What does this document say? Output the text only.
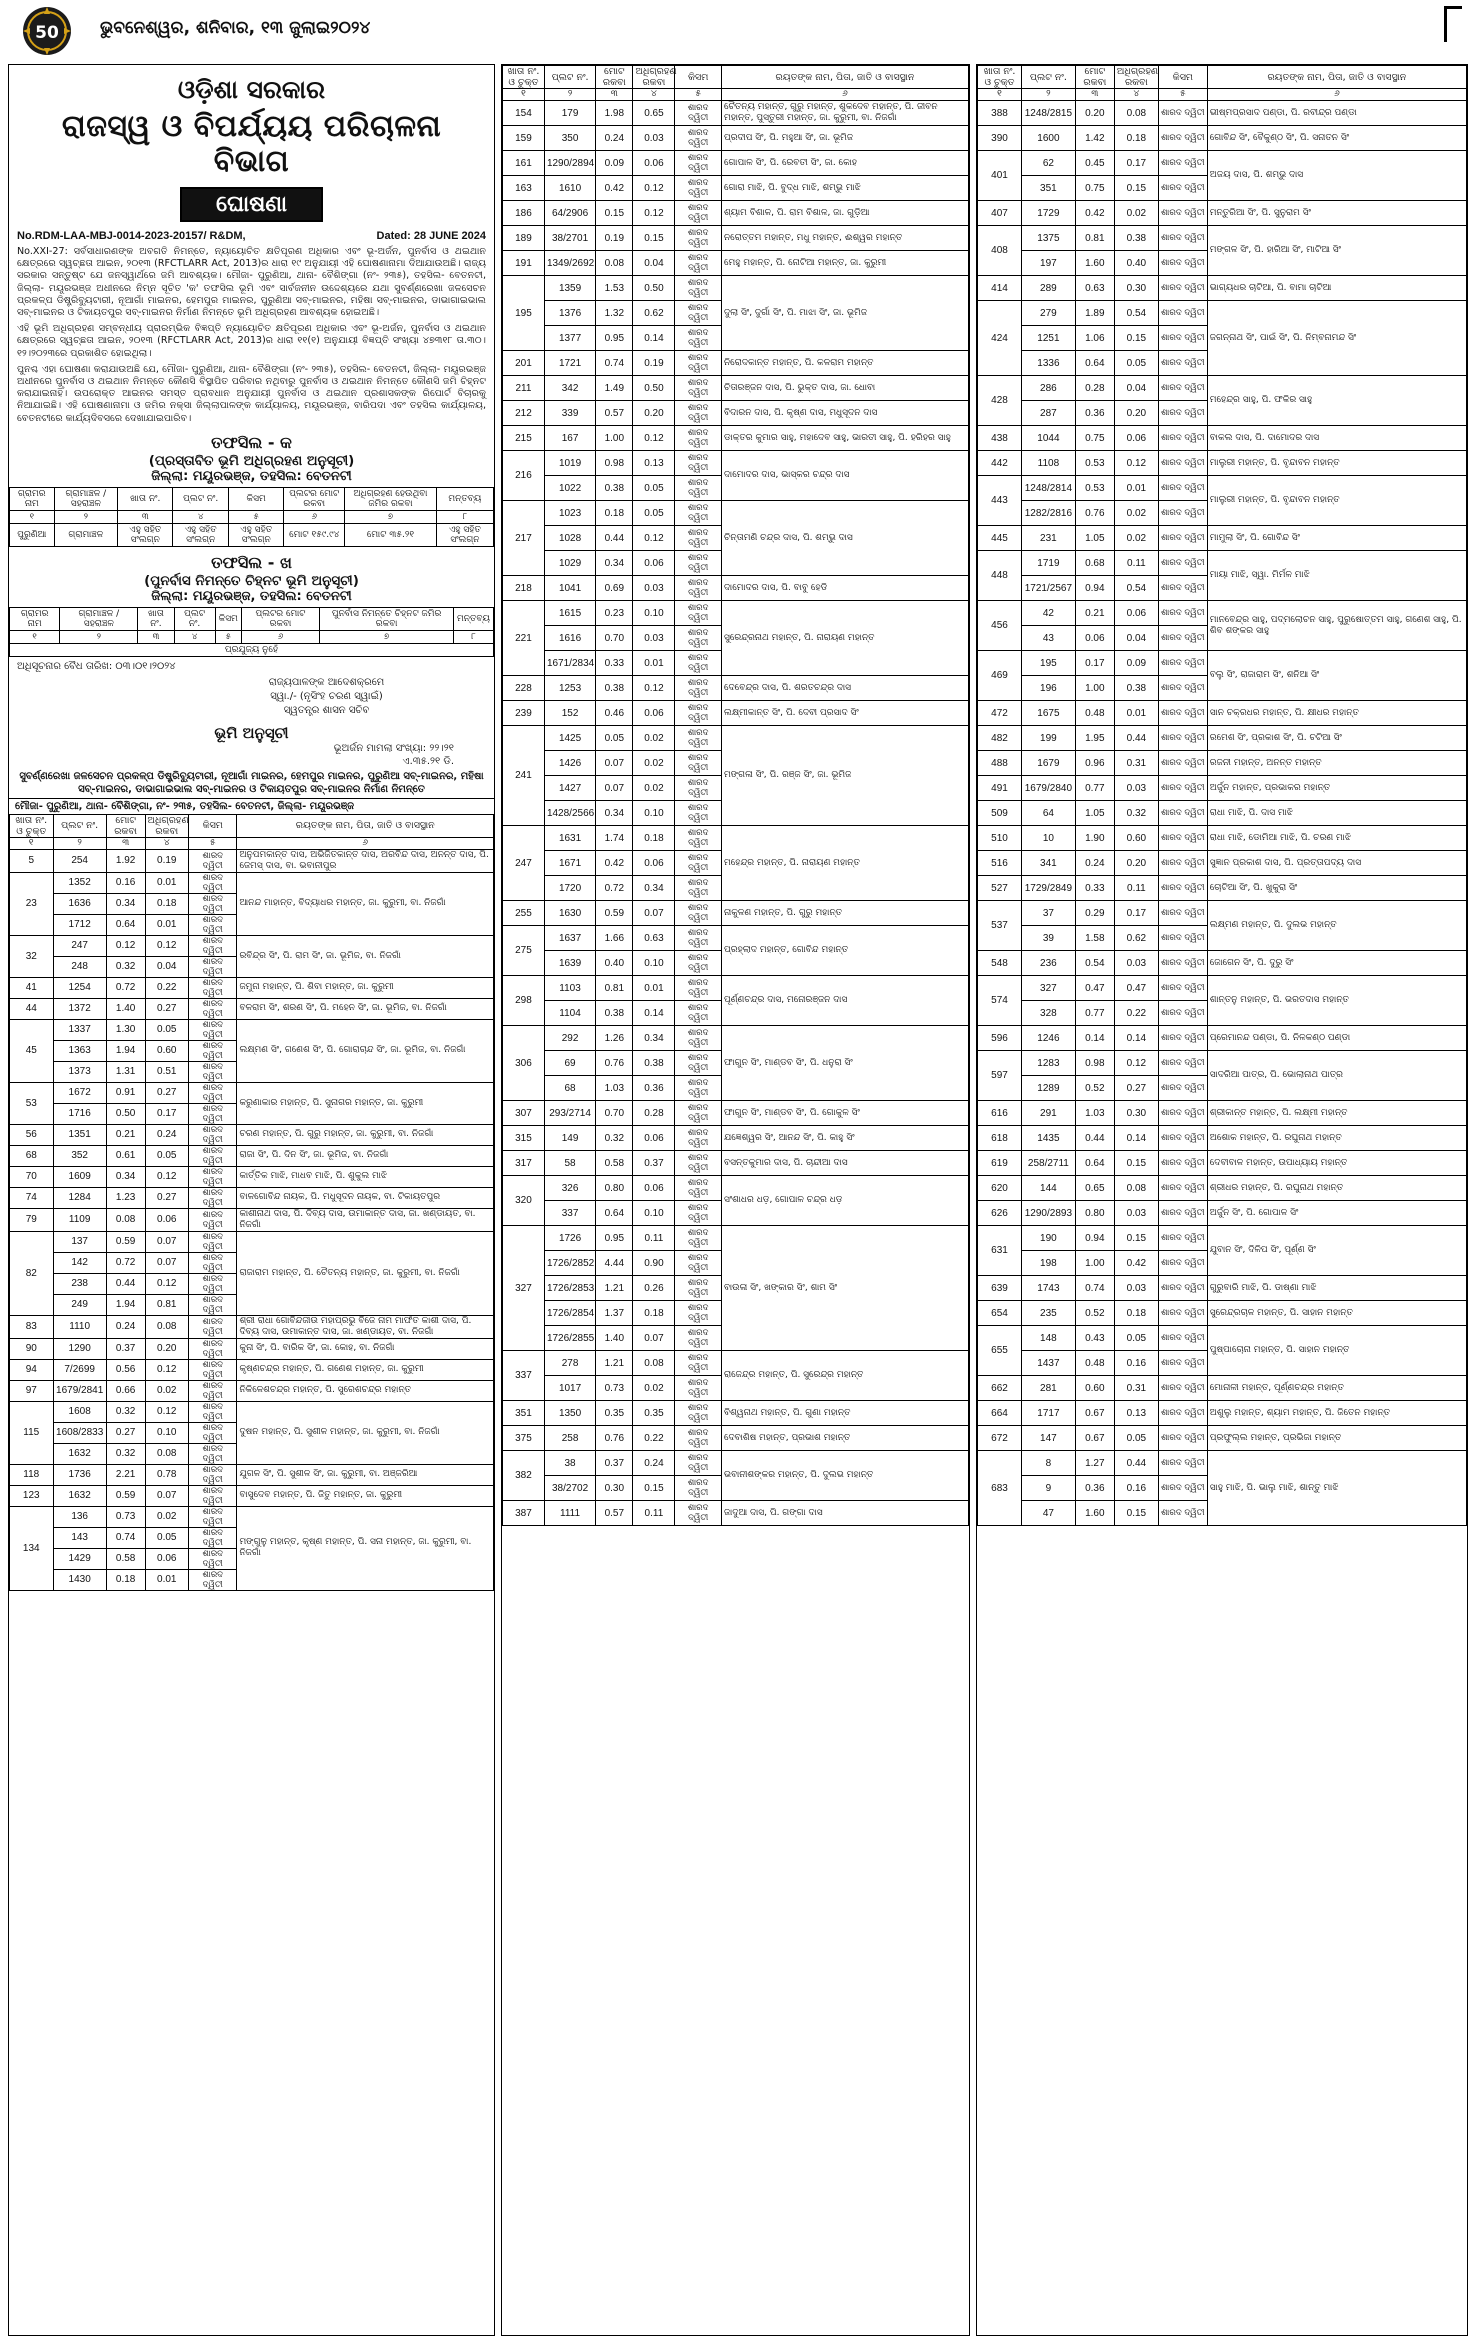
50 ଭୁବନେଶ୍ୱର, ଶନିବାର, ୧୩ ଜୁଲାଇ୨୦୨୪
ଓଡ଼ିଶା ସରକାର
ରାଜସ୍ୱ ଓ ବିପର୍ଯ୍ୟୟ ପରିଚାଳନା ବିଭାଗ
ଘୋଷଣା
No.RDM-LAA-MBJ-0014-2023-20157/ R&DM,	Dated: 28 JUNE 2024

No.XXI-27: ସର୍ବସାଧାରଣଙ୍କ ଅବଗତି ନିମନ୍ତେ, ନ୍ୟାୟୋଚିତ କ୍ଷତିପୂରଣ ଅଧିକାର ଏବଂ ଭୂ-ଅର୍ଜନ, ପୁନର୍ବାସ ଓ ଥଇଥାନ କ୍ଷେତ୍ରରେ ସ୍ୱଚ୍ଛତା ଆଇନ, ୨୦୧୩ (RFCTLARR Act, 2013)ର ଧାରା ୧୯ ଅନୁଯାୟୀ ଏହି ଘୋଷଣାନାମା ଦିଆଯାଉଅଛି। ରାଜ୍ୟ ସରକାର ସନ୍ତୁଷ୍ଟ ଯେ ଜନସ୍ୱାର୍ଥରେ ଜମି ଆବଶ୍ୟକ। ମୌଜା- ପୁରୁଣିଆ, ଥାନା- ବୈଶିଙ୍ଗା (ନଂ- ୨୩୫), ତହସିଲ- ବେତନଟୀ, ଜିଲ୍ଲା- ମୟୂରଭଞ୍ଜ ଅଧୀନରେ ନିମ୍ନ ସୂଚିତ 'କ' ତଫସିଲ ଭୂମି ଏବଂ ସାର୍ବଜନୀନ ଉଦ୍ଦେଶ୍ୟରେ ଯଥା ସୁବର୍ଣ୍ଣରେଖା ଜଳସେଚନ ପ୍ରକଳ୍ପ ଡିଷ୍ଟ୍ରିବ୍ୟୁଟାରୀ, ନୂଆଗାଁ ମାଇନର, ହେମପୁର ମାଇନର, ପୁରୁଣିଆ ସବ୍-ମାଇନର, ମହିଷା ସବ୍-ମାଇନର, ଡାଭାଗାଇଭାଲ ସବ୍-ମାଇନର ଓ ଟିକାୟତପୁର ସବ୍-ମାଇନର ନିର୍ମାଣ ନିମନ୍ତେ ଭୂମି ଅଧିଗ୍ରହଣ ଆବଶ୍ୟକ ହୋଇଅଛି।

ଏହି ଭୂମି ଅଧିଗ୍ରହଣ ସମ୍ବନ୍ଧୀୟ ପ୍ରାରମ୍ଭିକ ବିଜ୍ଞପ୍ତି ନ୍ୟାୟୋଚିତ କ୍ଷତିପୂରଣ ଅଧିକାର ଏବଂ ଭୂ-ଅର୍ଜନ, ପୁନର୍ବାସ ଓ ଥଇଥାନ କ୍ଷେତ୍ରରେ ସ୍ୱଚ୍ଛତା ଆଇନ, ୨୦୧୩ (RFCTLARR Act, 2013)ର ଧାରା ୧୧(୧) ଅନୁଯାୟୀ ବିଜ୍ଞପ୍ତି ସଂଖ୍ୟା ୪୭୩୧୮ ତା.୩୦।୧୨।୨୦୨୩ରେ ପ୍ରକାଶିତ ହୋଇଥିଲା।

ପୁନଶ୍ଚ ଏହା ଘୋଷଣା କରାଯାଉଅଛି ଯେ, ମୌଜା- ପୁରୁଣିଆ, ଥାନା- ବୈଶିଙ୍ଗା (ନଂ- ୨୩୫), ତହସିଲ- ବେତନଟୀ, ଜିଲ୍ଲା- ମୟୂରଭଞ୍ଜ ଅଧୀନରେ ପୁନର୍ବାସ ଓ ଥଇଥାନ ନିମନ୍ତେ କୌଣସି ବିସ୍ଥାପିତ ପରିବାର ନଥିବାରୁ ପୁନର୍ବାସ ଓ ଥଇଥାନ ନିମନ୍ତେ କୌଣସି ଜମି ଚିହ୍ନଟ କରାଯାଇନାହିଁ। ଉପରୋକ୍ତ ଆଇନର ସମସ୍ତ ପ୍ରାବଧାନ ଅନୁଯାୟୀ ପୁନର୍ବାସ ଓ ଥଇଥାନ ପ୍ରଶାସକଙ୍କ ରିପୋର୍ଟ ବିଚାରକୁ ନିଆଯାଇଛି। ଏହି ଘୋଷଣାନାମା ଓ ଜମିର ନକ୍ସା ଜିଲ୍ଲାପାଳଙ୍କ କାର୍ଯ୍ୟାଳୟ, ମୟୂରଭଞ୍ଜ, ବାରିପଦା ଏବଂ ତହସିଲ କାର୍ଯ୍ୟାଳୟ, ବେତନଟୀରେ କାର୍ଯ୍ୟଦିବସରେ ଦେଖାଯାଇପାରିବ।

ତଫସିଲ - କ
(ପ୍ରସ୍ତାବିତ ଭୂମି ଅଧିଗ୍ରହଣ ଅନୁସୂଚୀ)
ଜିଲ୍ଲା: ମୟୂରଭଞ୍ଜ, ତହସିଲ: ବେତନଟୀ
ଗ୍ରାମର ନାମ	ଗ୍ରାମାଞ୍ଚଳ / ସହରାଞ୍ଚଳ	ଖାତା ନଂ.	ପ୍ଲଟ ନଂ.	କିସମ	ପ୍ଲଟର ମୋଟ ରକବା	ଅଧିଗ୍ରହଣ ହେଉଥିବା ଜମିର ରକବା	ମନ୍ତବ୍ୟ
୧	୨	୩	୪	୫	୬	୭	୮
ପୁରୁଣିଆ	ଗ୍ରାମାଞ୍ଚଳ	ଏହୁ ସହିତ ସଂଲଗ୍ନ	ଏହୁ ସହିତ ସଂଲଗ୍ନ	ଏହୁ ସହିତ ସଂଲଗ୍ନ	ମୋଟ ୧୫୯.୯୪	ମୋଟ ୩୫.୨୧	ଏହୁ ସହିତ ସଂଲଗ୍ନ
ତଫସିଲ - ଖ
(ପୁନର୍ବାସ ନିମନ୍ତେ ଚିହ୍ନଟ ଭୂମି ଅନୁସୂଚୀ)
ଜିଲ୍ଲା: ମୟୂରଭଞ୍ଜ, ତହସିଲ: ବେତନଟୀ
ଗ୍ରାମର ନାମ	ଗ୍ରାମାଞ୍ଚଳ / ସହରାଞ୍ଚଳ	ଖାତା ନଂ.	ପ୍ଲଟ ନଂ.	କିସମ	ପ୍ଲଟର ମୋଟ ରକବା	ପୁନର୍ବାସ ନିମନ୍ତେ ଚିହ୍ନଟ ଜମିର ରକବା	ମନ୍ତବ୍ୟ
୧	୨	୩	୪	୫	୬	୭	୮
ପ୍ରଯୁଜ୍ୟ ନୁହେଁ							
ଅଧିସୂଚନାର ବୈଧ ତାରିଖ: ୦୩।୦୧।୨୦୨୪
ରାଜ୍ୟପାଳଙ୍କ ଆଦେଶକ୍ରମେ
ସ୍ୱା./- (ନୃସିଂହ ଚରଣ ସ୍ୱାଇଁ)
ସ୍ୱତନ୍ତ୍ର ଶାସନ ସଚିବ
ଭୂମି ଅନୁସୂଚୀ
ଭୂଅର୍ଜନ ମାମଲା ସଂଖ୍ୟା: ୨୨।୨୧
ଏ.୩୫.୨୧ ଡି.
ସୁବର୍ଣ୍ଣରେଖା ଜଳସେଚନ ପ୍ରକଳ୍ପ ଡିଷ୍ଟ୍ରିବ୍ୟୁଟାରୀ, ନୂଆଗାଁ ମାଇନର, ହେମପୁର ମାଇନର, ପୁରୁଣିଆ ସବ୍-ମାଇନର, ମହିଷା ସବ୍-ମାଇନର, ଡାଭାଗାଇଭାଲ ସବ୍-ମାଇନର ଓ ଟିକାୟତପୁର ସବ୍-ମାଇନର ନିର୍ମାଣ ନିମନ୍ତେ
ମୌଜା- ପୁରୁଣିଆ, ଥାନା- ବୈଶିଙ୍ଗା, ନଂ- ୨୩୫, ତହସିଲ- ବେତନଟୀ, ଜିଲ୍ଲା- ମୟୂରଭଞ୍ଜ
ଖାତା ନଂ. ଓ ଚୁକ୍ତ	ପ୍ଲଟ ନଂ.	ମୋଟ ରକବା	ଅଧିଗ୍ରହଣ ରକବା	କିସମ	ରୟତଙ୍କ ନାମ, ପିତା, ଜାତି ଓ ବାସସ୍ଥାନ
୧	୨	୩	୪	୫	୬
5	254	1.92	0.19	ଶାରଦ ଦ୍ୱିତୀ	ଅନୁପମକାନ୍ତ ଦାସ, ଅଭିଜିତକାନ୍ତ ଦାସ, ଅରବିନ୍ଦ ଦାସ, ଅନନ୍ତ ଦାସ, ପି. ଜେମସ୍ ଦାସ, ବା. ଭବାନୀପୁର
23	1352	0.16	0.01	ଶାରଦ ଦ୍ୱିତୀ	ଆନନ୍ଦ ମାହାନ୍ତ, ବିଦ୍ୟାଧର ମହାନ୍ତ, ଜା. କୁରୁମୀ, ବା. ନିଜଗାଁ
	1636	0.34	0.18	ଶାରଦ ଦ୍ୱିତୀ	
	1712	0.64	0.01	ଶାରଦ ଦ୍ୱିତୀ	
32	247	0.12	0.12	ଶାରଦ ଦ୍ୱିତୀ	ରବିନ୍ଦ୍ର ସିଂ, ପି. ରାମ ସିଂ, ଜା. ଭୂମିଜ, ବା. ନିଜଗାଁ
	248	0.32	0.04	ଶାରଦ ଦ୍ୱିତୀ	
41	1254	0.72	0.22	ଶାରଦ ଦ୍ୱିତୀ	ଜମୁନା ମହାନ୍ତ, ପି. ଶିବା ମହାନ୍ତ, ଜା. କୁରୁମୀ
44	1372	1.40	0.27	ଶାରଦ ଦ୍ୱିତୀ	ବଳରାମ ସିଂ, ଶରଣ ସିଂ, ପି. ମହେନ ସିଂ, ଜା. ଭୂମିଜ, ବା. ନିଜଗାଁ
45	1337	1.30	0.05	ଶାରଦ ଦ୍ୱିତୀ	ଲକ୍ଷ୍ମଣ ସିଂ, ଗଣେଶ ସିଂ, ପି. ଗୋରାଚାନ୍ଦ ସିଂ, ଜା. ଭୂମିଜ, ବା. ନିଜଗାଁ
	1363	1.94	0.60	ଶାରଦ ଦ୍ୱିତୀ	
	1373	1.31	0.51	ଶାରଦ ଦ୍ୱିତୀ	
53	1672	0.91	0.27	ଶାରଦ ଦ୍ୱିତୀ	କରୁଣାକାର ମହାନ୍ତ, ପି. ସୁନାଗର ମହାନ୍ତ, ଜା. କୁରୁମୀ
	1716	0.50	0.17	ଶାରଦ ଦ୍ୱିତୀ	
56	1351	0.21	0.24	ଶାରଦ ଦ୍ୱିତୀ	ଚରଣ ମହାନ୍ତ, ପି. ଗୁରୁ ମହାନ୍ତ, ଜା. କୁରୁମୀ, ବା. ନିଜଗାଁ
68	352	0.61	0.05	ଶାରଦ ଦ୍ୱିତୀ	ରାଜା ସିଂ, ପି. ଦିନ ସିଂ, ଜା. ଭୂମିଜ, ବା. ନିଜଗାଁ
70	1609	0.34	0.12	ଶାରଦ ଦ୍ୱିତୀ	କାର୍ତ୍ତିକ ମାଝି, ମାଧବ ମାଝି, ପି. ଶୁକୁଲ ମାଝି
74	1284	1.23	0.27	ଶାରଦ ଦ୍ୱିତୀ	ବାଳଗୋବିନ୍ଦ ନାୟକ, ପି. ମଧୁସୂଦନ ନାୟକ, ବା. ଟିକାୟତପୁର
79	1109	0.08	0.06	ଶାରଦ ଦ୍ୱିତୀ	କାଶୀନାଥ ଦାସ, ପି. ଦିବ୍ୟ ଦାସ, ଉମାକାନ୍ତ ଦାସ, ଜା. ଖଣ୍ଡାୟତ, ବା. ନିଜଗାଁ
82	137	0.59	0.07	ଶାରଦ ଦ୍ୱିତୀ	ରାଜାରାମ ମହାନ୍ତ, ପି. ଚୈତନ୍ୟ ମହାନ୍ତ, ଜା. କୁରୁମୀ, ବା. ନିଜଗାଁ
	142	0.72	0.07	ଶାରଦ ଦ୍ୱିତୀ	
	238	0.44	0.12	ଶାରଦ ଦ୍ୱିତୀ	
	249	1.94	0.81	ଶାରଦ ଦ୍ୱିତୀ	
83	1110	0.24	0.08	ଶାରଦ ଦ୍ୱିତୀ	ଶ୍ରୀ ରାଧା ଗୋବିନ୍ଦଜୀଉ ମହାପ୍ରଭୁ ବିଜେ ନାମ ମାର୍ଫତ କାଶୀ ଦାସ, ପି. ଦିବ୍ୟ ଦାସ, ଉମାକାନ୍ତ ଦାସ, ଜା. ଖଣ୍ଡାୟତ, ବା. ନିଜଗାଁ
90	1290	0.37	0.20	ଶାରଦ ଦ୍ୱିତୀ	କୁନା ସିଂ, ପି. ବାରିକ ସିଂ, ଜା. କୋହ, ବା. ନିଜଗାଁ
94	7/2699	0.56	0.12	ଶାରଦ ଦ୍ୱିତୀ	କୃଷ୍ଣଚନ୍ଦ୍ର ମହାନ୍ତ, ପି. ଗଣେଶ ମହାନ୍ତ, ଜା. କୁରୁମୀ
97	1679/2841	0.66	0.02	ଶାରଦ ଦ୍ୱିତୀ	ନିକିଳେଶଚନ୍ଦ୍ର ମହାନ୍ତ, ପି. ସୁରେଶଚନ୍ଦ୍ର ମହାନ୍ତ
115	1608	0.32	0.12	ଶାରଦ ଦ୍ୱିତୀ	ଦୁଷନ ମହାନ୍ତ, ପି. ସୁଶୀଳ ମହାନ୍ତ, ଜା. କୁରୁମୀ, ବା. ନିଜଗାଁ
	1608/2833	0.27	0.10	ଶାରଦ ଦ୍ୱିତୀ	
	1632	0.32	0.08	ଶାରଦ ଦ୍ୱିତୀ	
118	1736	2.21	0.78	ଶାରଦ ଦ୍ୱିତୀ	ଯୁଗଳ ସିଂ, ପି. ସୁଶୀଳ ସିଂ, ଜା. କୁରୁମୀ, ବା. ଅଞ୍ଜରିଆ
123	1632	0.59	0.07	ଶାରଦ ଦ୍ୱିତୀ	ବାସୁଦେବ ମହାନ୍ତ, ପି. ଜିତୁ ମହାନ୍ତ, ଜା. କୁରୁମୀ
134	136	0.73	0.02	ଶାରଦ ଦ୍ୱିତୀ	ମଙ୍ଗୁଳୁ ମହାନ୍ତ, କୃଷ୍ଣ ମହାନ୍ତ, ପି. ସନା ମହାନ୍ତ, ଜା. କୁରୁମୀ, ବା. ନିଜଗାଁ
	143	0.74	0.05	ଶାରଦ ଦ୍ୱିତୀ	
	1429	0.58	0.06	ଶାରଦ ଦ୍ୱିତୀ	
	1430	0.18	0.01	ଶାରଦ ଦ୍ୱିତୀ	
ଖାତା ନଂ. ଓ ଚୁକ୍ତ	ପ୍ଲଟ ନଂ.	ମୋଟ ରକବା	ଅଧିଗ୍ରହଣ ରକବା	କିସମ	ରୟତଙ୍କ ନାମ, ପିତା, ଜାତି ଓ ବାସସ୍ଥାନ
୧	୨	୩	୪	୫	୬
154	179	1.98	0.65	ଶାରଦ ଦ୍ୱିତୀ	ଚୈତନ୍ୟ ମହାନ୍ତ, ଗୁରୁ ମହାନ୍ତ, ଶୁକଦେବ ମହାନ୍ତ, ପି. ଜୀବନ ମହାନ୍ତ, ପୁସ୍ତୁରୀ ମହାନ୍ତ, ଜା. କୁରୁମୀ, ବା. ନିଜଗାଁ
159	350	0.24	0.03	ଶାରଦ ଦ୍ୱିତୀ	ପ୍ରଦୀପ ସିଂ, ପି. ମହୁଆ ସିଂ, ଜା. ଭୂମିଜ
161	1290/2894	0.09	0.06	ଶାରଦ ଦ୍ୱିତୀ	ଗୋପାଳ ସିଂ, ପି. ରେବତୀ ସିଂ, ଜା. କୋହ
163	1610	0.42	0.12	ଶାରଦ ଦ୍ୱିତୀ	ଗୋରା ମାଝି, ପି. ବୁଦ୍ଧ ମାଝି, ଶମ୍ଭୁ ମାଝି
186	64/2906	0.15	0.12	ଶାରଦ ଦ୍ୱିତୀ	ଶ୍ୟାମ ବିଶାଳ, ପି. ରାମ ବିଶାଳ, ଜା. ଗୁଡ଼ିଆ
189	38/2701	0.19	0.15	ଶାରଦ ଦ୍ୱିତୀ	ନରୋତ୍ତମ ମହାନ୍ତ, ମଧୁ ମହାନ୍ତ, ଈଶ୍ୱର ମହାନ୍ତ
191	1349/2692	0.08	0.04	ଶାରଦ ଦ୍ୱିତୀ	ମେହୁ ମହାନ୍ତ, ପି. ନୋଟିଆ ମହାନ୍ତ, ଜା. କୁରୁମୀ
195	1359	1.53	0.50	ଶାରଦ ଦ୍ୱିତୀ	ଦୁଲା ସିଂ, ଦୁର୍ଗା ସିଂ, ପି. ମାଝା ସିଂ, ଜା. ଭୂମିଜ
	1376	1.32	0.62	ଶାରଦ ଦ୍ୱିତୀ	
	1377	0.95	0.14	ଶାରଦ ଦ୍ୱିତୀ	
201	1721	0.74	0.19	ଶାରଦ ଦ୍ୱିତୀ	ନିରୋଦକାନ୍ତ ମହାନ୍ତ, ପି. କଳରାମ ମହାନ୍ତ
211	342	1.49	0.50	ଶାରଦ ଦ୍ୱିତୀ	ଚିତାରଞ୍ଜନ ଦାସ, ପି. ଭୁକ୍ତ ଦାସ, ଜା. ଧୋବା
212	339	0.57	0.20	ଶାରଦ ଦ୍ୱିତୀ	ବିଦାରନ ଦାସ, ପି. କୃଷ୍ଣ ଦାସ, ମଧୁସୂଦନ ଦାସ
215	167	1.00	0.12	ଶାରଦ ଦ୍ୱିତୀ	ଡାକ୍ତର କୁମାର ସାହୁ, ମହାଦେବ ସାହୁ, ଭାରତୀ ସାହୁ, ପି. ହରିହର ସାହୁ
216	1019	0.98	0.13	ଶାରଦ ଦ୍ୱିତୀ	ଦାମୋଦର ଦାସ, ଭାସ୍କର ଚନ୍ଦ୍ର ଦାସ
	1022	0.38	0.05	ଶାରଦ ଦ୍ୱିତୀ	
217	1023	0.18	0.05	ଶାରଦ ଦ୍ୱିତୀ	ଚିନ୍ତାମଣି ଚନ୍ଦ୍ର ଦାସ, ପି. ଶମ୍ଭୁ ଦାସ
	1028	0.44	0.12	ଶାରଦ ଦ୍ୱିତୀ	
	1029	0.34	0.06	ଶାରଦ ଦ୍ୱିତୀ	
218	1041	0.69	0.03	ଶାରଦ ଦ୍ୱିତୀ	ଦାମୋଦର ଦାସ, ପି. ବାବୁ ହେଡି
221	1615	0.23	0.10	ଶାରଦ ଦ୍ୱିତୀ	ସୁରେନ୍ଦ୍ରନାଥ ମହାନ୍ତ, ପି. ନାରାୟଣ ମହାନ୍ତ
	1616	0.70	0.03	ଶାରଦ ଦ୍ୱିତୀ	
	1671/2834	0.33	0.01	ଶାରଦ ଦ୍ୱିତୀ	
228	1253	0.38	0.12	ଶାରଦ ଦ୍ୱିତୀ	ଦେବେନ୍ଦ୍ର ଦାସ, ପି. ଶରତଚନ୍ଦ୍ର ଦାସ
239	152	0.46	0.06	ଶାରଦ ଦ୍ୱିତୀ	ଲକ୍ଷ୍ମୀକାନ୍ତ ସିଂ, ପି. ଦେବୀ ପ୍ରସାଦ ସିଂ
241	1425	0.05	0.02	ଶାରଦ ଦ୍ୱିତୀ	ମଙ୍ଗଳା ସିଂ, ପି. ରଞ୍ଜ ସିଂ, ଜା. ଭୂମିଜ
	1426	0.07	0.02	ଶାରଦ ଦ୍ୱିତୀ	
	1427	0.07	0.02	ଶାରଦ ଦ୍ୱିତୀ	
	1428/2566	0.34	0.10	ଶାରଦ ଦ୍ୱିତୀ	
247	1631	1.74	0.18	ଶାରଦ ଦ୍ୱିତୀ	ମହେନ୍ଦ୍ର ମହାନ୍ତ, ପି. ନାରାୟଣ ମହାନ୍ତ
	1671	0.42	0.06	ଶାରଦ ଦ୍ୱିତୀ	
	1720	0.72	0.34	ଶାରଦ ଦ୍ୱିତୀ	
255	1630	0.59	0.07	ଶାରଦ ଦ୍ୱିତୀ	ନାକୁଳଣ ମହାନ୍ତ, ପି. ଗୁରୁ ମହାନ୍ତ
275	1637	1.66	0.63	ଶାରଦ ଦ୍ୱିତୀ	ପ୍ରହ୍ଲାଦ ମହାନ୍ତ, ଗୋବିନ୍ଦ ମହାନ୍ତ
	1639	0.40	0.10	ଶାରଦ ଦ୍ୱିତୀ	
298	1103	0.81	0.01	ଶାରଦ ଦ୍ୱିତୀ	ପୂର୍ଣ୍ଣଚନ୍ଦ୍ର ଦାସ, ମନୋରଞ୍ଜନ ଦାସ
	1104	0.38	0.14	ଶାରଦ ଦ୍ୱିତୀ	
306	292	1.26	0.34	ଶାରଦ ଦ୍ୱିତୀ	ଫାଗୁନ ସିଂ, ମାଣ୍ଡବ ସିଂ, ପି. ଧନୁରା ସିଂ
	69	0.76	0.38	ଶାରଦ ଦ୍ୱିତୀ	
	68	1.03	0.36	ଶାରଦ ଦ୍ୱିତୀ	
307	293/2714	0.70	0.28	ଶାରଦ ଦ୍ୱିତୀ	ଫାଗୁନ ସିଂ, ମାଣ୍ଡବ ସିଂ, ପି. ଗୋକୁଳ ସିଂ
315	149	0.32	0.06	ଶାରଦ ଦ୍ୱିତୀ	ଯଜ୍ଞେଶ୍ୱର ସିଂ, ଆନନ୍ଦ ସିଂ, ପି. କାହୁ ସିଂ
317	58	0.58	0.37	ଶାରଦ ଦ୍ୱିତୀ	ବସନ୍ତକୁମାର ଦାସ, ପି. ଚାନ୍ଦୀଆ ଦାସ
320	326	0.80	0.06	ଶାରଦ ଦ୍ୱିତୀ	ସଂଶାଧର ଧଡ଼, ଗୋପାଳ ଚନ୍ଦ୍ର ଧଡ଼
	337	0.64	0.10	ଶାରଦ ଦ୍ୱିତୀ	
327	1726	0.95	0.11	ଶାରଦ ଦ୍ୱିତୀ	ବାଉଳା ସିଂ, ଖଙ୍କାର ସିଂ, ଶାମ ସିଂ
	1726/2852	4.44	0.90	ଶାରଦ ଦ୍ୱିତୀ	
	1726/2853	1.21	0.26	ଶାରଦ ଦ୍ୱିତୀ	
	1726/2854	1.37	0.18	ଶାରଦ ଦ୍ୱିତୀ	
	1726/2855	1.40	0.07	ଶାରଦ ଦ୍ୱିତୀ	
337	278	1.21	0.08	ଶାରଦ ଦ୍ୱିତୀ	ରାଜେନ୍ଦ୍ର ମହାନ୍ତ, ପି. ସୁରେନ୍ଦ୍ର ମହାନ୍ତ
	1017	0.73	0.02	ଶାରଦ ଦ୍ୱିତୀ	
351	1350	0.35	0.35	ଶାରଦ ଦ୍ୱିତୀ	ବିଶ୍ୱନାଥ ମହାନ୍ତ, ପି. ଗୁଣା ମହାନ୍ତ
375	258	0.76	0.22	ଶାରଦ ଦ୍ୱିତୀ	ଦେବାଶିଷ ମହାନ୍ତ, ପ୍ରଭାଶ ମହାନ୍ତ
382	38	0.37	0.24	ଶାରଦ ଦ୍ୱିତୀ	ଭବାନୀଶଙ୍କର ମହାନ୍ତ, ପି. ଦୁଲଭ ମହାନ୍ତ
	38/2702	0.30	0.15	ଶାରଦ ଦ୍ୱିତୀ	
387	1111	0.57	0.11	ଶାରଦ ଦ୍ୱିତୀ	ଜାଦୁଆ ଦାସ, ପି. ଗଙ୍ଗା ଦାସ
ଖାତା ନଂ. ଓ ଚୁକ୍ତ	ପ୍ଲଟ ନଂ.	ମୋଟ ରକବା	ଅଧିଗ୍ରହଣ ରକବା	କିସମ	ରୟତଙ୍କ ନାମ, ପିତା, ଜାତି ଓ ବାସସ୍ଥାନ
୧	୨	୩	୪	୫	୬
388	1248/2815	0.20	0.08	ଶାରଦ ଦ୍ୱିତୀ	ଭୀଷ୍ମପ୍ରସାଦ ପଣ୍ଡା, ପି. ରବୀନ୍ଦ୍ର ପଣ୍ଡା
390	1600	1.42	0.18	ଶାରଦ ଦ୍ୱିତୀ	ଗୋବିନ୍ଦ ସିଂ, ବୈକୁଣ୍ଠ ସିଂ, ପି. ସନାତନ ସିଂ
401	62	0.45	0.17	ଶାରଦ ଦ୍ୱିତୀ	ଅଜୟ ଦାସ, ପି. ଶମ୍ଭୁ ଦାସ
	351	0.75	0.15	ଶାରଦ ଦ୍ୱିତୀ	
407	1729	0.42	0.02	ଶାରଦ ଦ୍ୱିତୀ	ମନ୍ତୁରିଆ ସିଂ, ପି. ସୁନୁରାମ ସିଂ
408	1375	0.81	0.38	ଶାରଦ ଦ୍ୱିତୀ	ମଙ୍ଗଳ ସିଂ, ପି. ହାରିଆ ସିଂ, ମାଟିଆ ସିଂ
	197	1.60	0.40	ଶାରଦ ଦ୍ୱିତୀ	
414	289	0.63	0.30	ଶାରଦ ଦ୍ୱିତୀ	ଭାଗ୍ୟଧର ଚାଟିଆ, ପି. ବାମା ଚାଟିଆ
424	279	1.89	0.54	ଶାରଦ ଦ୍ୱିତୀ	ଜଗନ୍ନାଥ ସିଂ, ପାଇଁ ସିଂ, ପି. ନିମ୍ବନାମନ୍ଦ ସିଂ
	1251	1.06	0.15	ଶାରଦ ଦ୍ୱିତୀ	
	1336	0.64	0.05	ଶାରଦ ଦ୍ୱିତୀ	
428	286	0.28	0.04	ଶାରଦ ଦ୍ୱିତୀ	ମହେନ୍ଦ୍ର ସାହୁ, ପି. ଫକିର ସାହୁ
	287	0.36	0.20	ଶାରଦ ଦ୍ୱିତୀ	
438	1044	0.75	0.06	ଶାରଦ ଦ୍ୱିତୀ	ବାକଲ ଦାସ, ପି. ଦାମୋଦର ଦାସ
442	1108	0.53	0.12	ଶାରଦ ଦ୍ୱିତୀ	ମାଲୁରୀ ମହାନ୍ତ, ପି. ବୃନ୍ଦାବନ ମହାନ୍ତ
443	1248/2814	0.53	0.01	ଶାରଦ ଦ୍ୱିତୀ	ମାଲୁରୀ ମହାନ୍ତ, ପି. ବୃନ୍ଦାବନ ମହାନ୍ତ
	1282/2816	0.76	0.02	ଶାରଦ ଦ୍ୱିତୀ	
445	231	1.05	0.02	ଶାରଦ ଦ୍ୱିତୀ	ମାମୁଲା ସିଂ, ପି. ଗୋବିନ୍ଦ ସିଂ
448	1719	0.68	0.11	ଶାରଦ ଦ୍ୱିତୀ	ମାୟା ମାଝି, ସ୍ୱା. ମିର୍ମଳ ମାଝି
	1721/2567	0.94	0.54	ଶାରଦ ଦ୍ୱିତୀ	
456	42	0.21	0.06	ଶାରଦ ଦ୍ୱିତୀ	ମାନବେନ୍ଦ୍ର ସାହୁ, ପଦ୍ମଲୋଚନ ସାହୁ, ପୁରୁଷୋତ୍ତମ ସାହୁ, ଗଣେଶ ସାହୁ, ପି. ଶିବ ଶଙ୍କର ସାହୁ
	43	0.06	0.04	ଶାରଦ ଦ୍ୱିତୀ	
469	195	0.17	0.09	ଶାରଦ ଦ୍ୱିତୀ	ବଲୁ ସିଂ, ରାଜାରାମ ସିଂ, ଶନିଆ ସିଂ
	196	1.00	0.38	ଶାରଦ ଦ୍ୱିତୀ	
472	1675	0.48	0.01	ଶାରଦ ଦ୍ୱିତୀ	ସାନ ଚକ୍ରଧର ମହାନ୍ତ, ପି. କ୍ଷୀଧର ମହାନ୍ତ
482	199	1.95	0.44	ଶାରଦ ଦ୍ୱିତୀ	ରମେଶ ସିଂ, ପ୍ରକାଶ ସିଂ, ପି. ଚଟିଆ ସିଂ
488	1679	0.96	0.31	ଶାରଦ ଦ୍ୱିତୀ	ରଜନୀ ମହାନ୍ତ, ଅନନ୍ତ ମହାନ୍ତ
491	1679/2840	0.77	0.03	ଶାରଦ ଦ୍ୱିତୀ	ଅର୍ଜୁନ ମହାନ୍ତ, ପ୍ରଭାକର ମହାନ୍ତ
509	64	1.05	0.32	ଶାରଦ ଦ୍ୱିତୀ	ରାଧା ମାଝି, ପି. ଦାସ ମାଝି
510	10	1.90	0.60	ଶାରଦ ଦ୍ୱିତୀ	ରାଧା ମାଝି, ଡୋମିଆ ମାଝି, ପି. ଚରଣ ମାଝି
516	341	0.24	0.20	ଶାରଦ ଦ୍ୱିତୀ	ସୁଜ୍ଞାନ ପ୍ରକାଶ ଦାସ, ପି. ପ୍ରତ୍ତାପଦ୍ୟ ଦାସ
527	1729/2849	0.33	0.11	ଶାରଦ ଦ୍ୱିତୀ	ଚୋଟିଆ ସିଂ, ପି. ଖୁକୁରା ସିଂ
537	37	0.29	0.17	ଶାରଦ ଦ୍ୱିତୀ	ଲକ୍ଷ୍ମଣ ମହାନ୍ତ, ପି. ଦୁଲଭ ମହାନ୍ତ
	39	1.58	0.62	ଶାରଦ ଦ୍ୱିତୀ	
548	236	0.54	0.03	ଶାରଦ ଦ୍ୱିତୀ	ଜୋଗେନ ସିଂ, ପି. ଦୁରୁ ସିଂ
574	327	0.47	0.47	ଶାରଦ ଦ୍ୱିତୀ	ଶାନ୍ତନୁ ମହାନ୍ତ, ପି. ଭରତଦାସ ମହାନ୍ତ
	328	0.77	0.22	ଶାରଦ ଦ୍ୱିତୀ	
596	1246	0.14	0.14	ଶାରଦ ଦ୍ୱିତୀ	ପ୍ରେମାନନ୍ଦ ପଣ୍ଡା, ପି. ନିଳକଣ୍ଠ ପଣ୍ଡା
597	1283	0.98	0.12	ଶାରଦ ଦ୍ୱିତୀ	ସାଦରିଆ ପାତ୍ର, ପି. ଭୋଲାନାଥ ପାତ୍ର
	1289	0.52	0.27	ଶାରଦ ଦ୍ୱିତୀ	
616	291	1.03	0.30	ଶାରଦ ଦ୍ୱିତୀ	ଶ୍ରୀକାନ୍ତ ମହାନ୍ତ, ପି. ଲକ୍ଷ୍ମୀ ମହାନ୍ତ
618	1435	0.44	0.14	ଶାରଦ ଦ୍ୱିତୀ	ଅଶୋକ ମହାନ୍ତ, ପି. ରଘୁନାଥ ମହାନ୍ତ
619	258/2711	0.64	0.15	ଶାରଦ ଦ୍ୱିତୀ	ଦେବୀବାଳ ମହାନ୍ତ, ଉପାଧ୍ୟାୟ ମହାନ୍ତ
620	144	0.65	0.08	ଶାରଦ ଦ୍ୱିତୀ	ଶ୍ରୀଧର ମହାନ୍ତ, ପି. ରଘୁନାଥ ମହାନ୍ତ
626	1290/2893	0.80	0.03	ଶାରଦ ଦ୍ୱିତୀ	ଅର୍ଜୁନ ସିଂ, ପି. ଗୋପାଳ ସିଂ
631	190	0.94	0.15	ଶାରଦ ଦ୍ୱିତୀ	ଯୁବାନ ସିଂ, ଦିଳିପ ସିଂ, ପୂର୍ଣ୍ଣ ସିଂ
	198	1.00	0.42	ଶାରଦ ଦ୍ୱିତୀ	
639	1743	0.74	0.03	ଶାରଦ ଦ୍ୱିତୀ	ଗୁରୁବାରି ମାଝି, ପି. ଡାଷ୍ଣା ମାଝି
654	235	0.52	0.18	ଶାରଦ ଦ୍ୱିତୀ	ସୁରେନ୍ଦ୍ରଚାଳ ମହାନ୍ତ, ପି. ସାହାନ ମହାନ୍ତ
655	148	0.43	0.05	ଶାରଦ ଦ୍ୱିତୀ	ପୁଷ୍ପାଚୋନା ମହାନ୍ତ, ପି. ସାହାନ ମହାନ୍ତ
	1437	0.48	0.16	ଶାରଦ ଦ୍ୱିତୀ	
662	281	0.60	0.31	ଶାରଦ ଦ୍ୱିତୀ	ମୋନାଳୀ ମହାନ୍ତ, ପୂର୍ଣ୍ଣଚନ୍ଦ୍ର ମହାନ୍ତ
664	1717	0.67	0.13	ଶାରଦ ଦ୍ୱିତୀ	ଅଶୁଲୁ ମହାନ୍ତ, ଶ୍ୟାମ ମହାନ୍ତ, ପି. ଜିତେନ ମହାନ୍ତ
672	147	0.67	0.05	ଶାରଦ ଦ୍ୱିତୀ	ପ୍ରଫୁଲ୍ଲ ମହାନ୍ତ, ପ୍ରଭିଜା ମହାନ୍ତ
683	8	1.27	0.44	ଶାରଦ ଦ୍ୱିତୀ	ସାହୁ ମାଝି, ପି. ଭାଲୁ ମାଝି, ଶାନ୍ତୁ ମାଝି
	9	0.36	0.16	ଶାରଦ ଦ୍ୱିତୀ	
	47	1.60	0.15	ଶାରଦ ଦ୍ୱିତୀ	
